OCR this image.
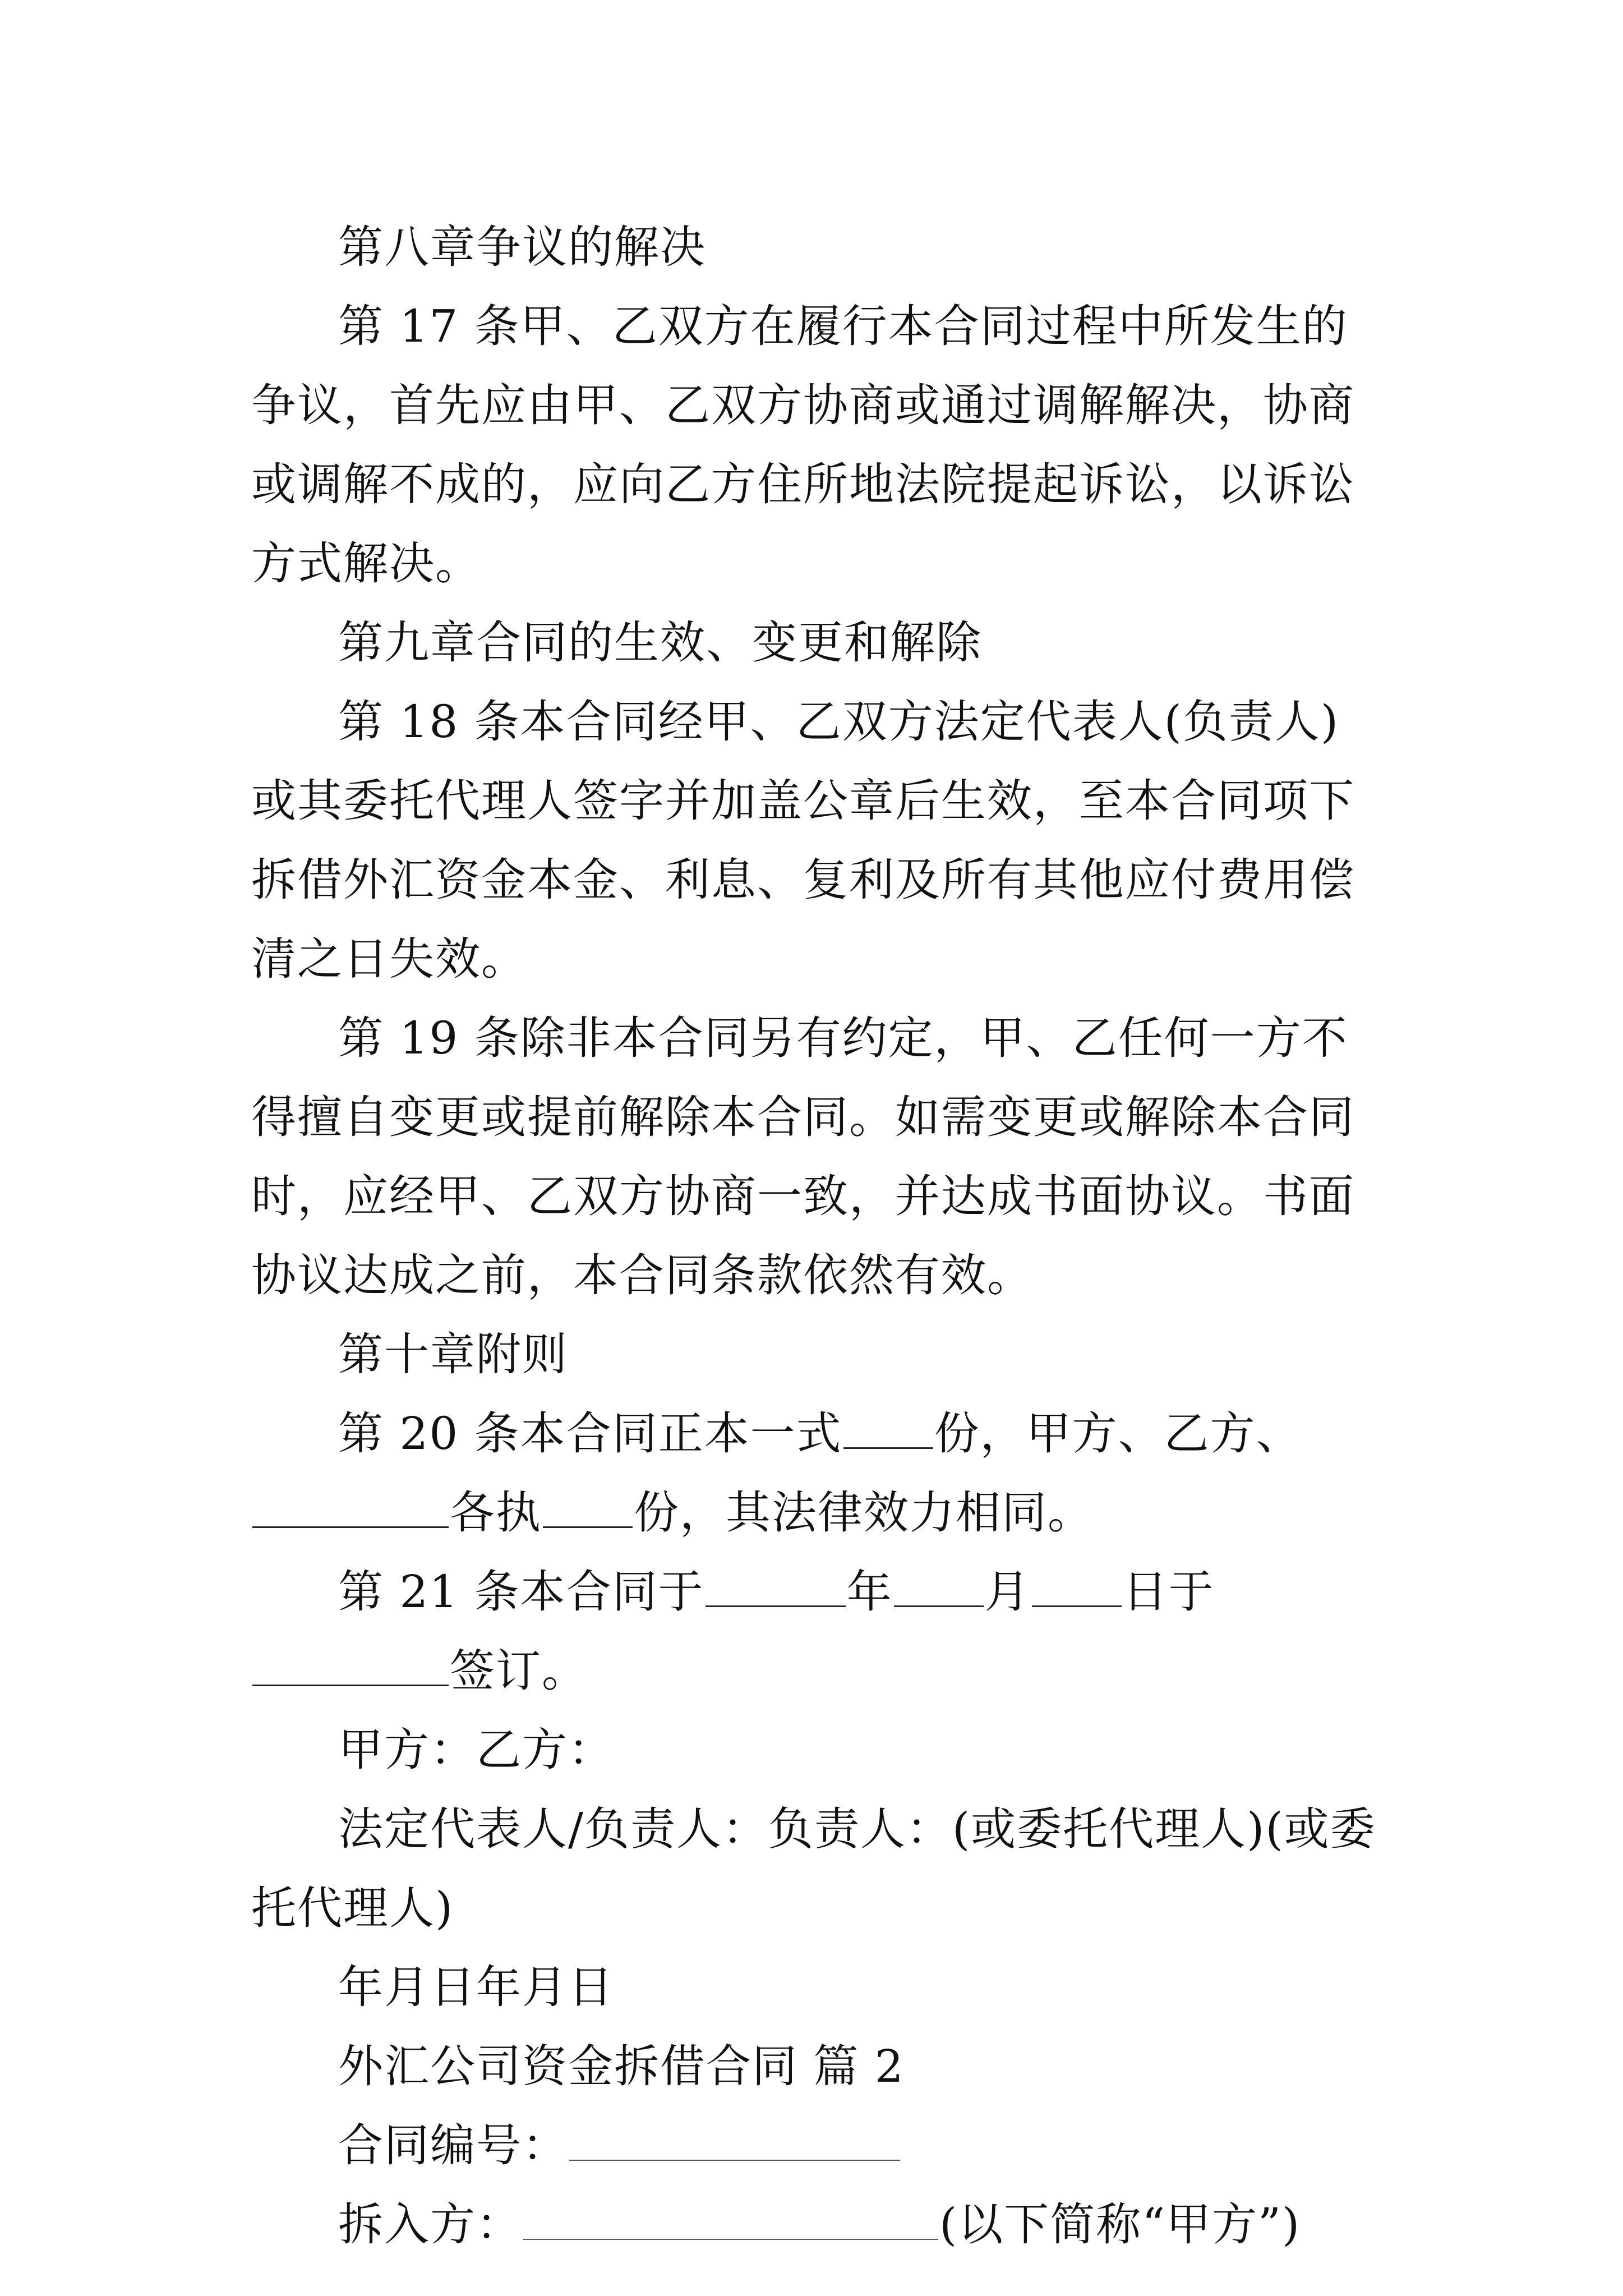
第八章争议的解决

第 17 条甲、乙双方在履行本合同过程中所发生的争议，首先应由甲、乙双方协商或通过调解解决，协商或调解不成的，应向乙方住所地法院提起诉讼，以诉讼方式解决。

第九章合同的生效、变更和解除

第 18 条本合同经甲、乙双方法定代表人(负责人)或其委托代理人签字并加盖公章后生效，至本合同项下拆借外汇资金本金、利息、复利及所有其他应付费用偿清之日失效。

第 19 条除非本合同另有约定，甲、乙任何一方不得擅自变更或提前解除本合同。如需变更或解除本合同时，应经甲、乙双方协商一致，并达成书面协议。书面协议达成之前，本合同条款依然有效。

第十章附则

第 20 条本合同正本一式 份，甲方、乙方、各执 份，其法律效力相同。

第 21 条本合同于	年 月 日于签订。

甲方：乙方：

法定代表人/负责人：负责人：(或委托代理人)(或委托代理人)

年月日年月日

外汇公司资金拆借合同 篇 2

合同编号：

拆入方：	(以下简称“甲方”)
